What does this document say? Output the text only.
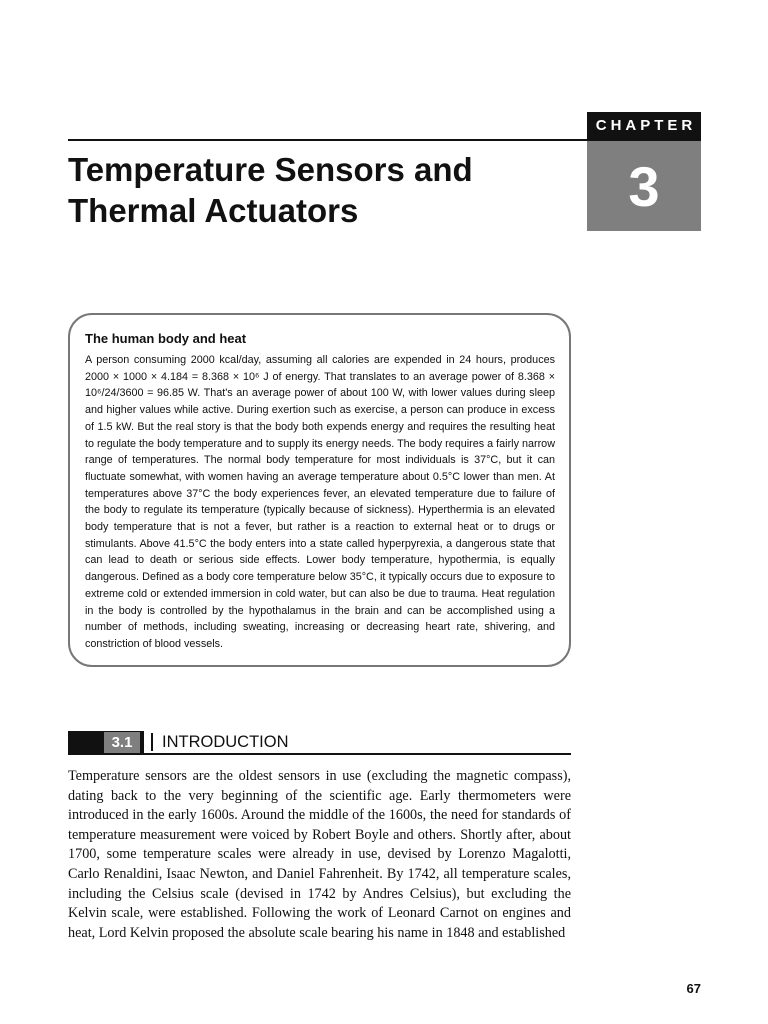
CHAPTER
3
Temperature Sensors and
Thermal Actuators
The human body and heat

A person consuming 2000 kcal/day, assuming all calories are expended in 24 hours, produces 2000 × 1000 × 4.184 = 8.368 × 10⁶ J of energy. That translates to an average power of 8.368 × 10⁶/24/3600 = 96.85 W. That's an average power of about 100 W, with lower values during sleep and higher values while active. During exertion such as exercise, a person can produce in excess of 1.5 kW. But the real story is that the body both expends energy and requires the resulting heat to regulate the body temperature and to supply its energy needs. The body requires a fairly narrow range of temperatures. The normal body temperature for most individuals is 37°C, but it can fluctuate somewhat, with women having an average temperature about 0.5°C lower than men. At temperatures above 37°C the body experiences fever, an elevated temperature due to failure of the body to regulate its temperature (typically because of sickness). Hyperthermia is an elevated body temperature that is not a fever, but rather is a reaction to external heat or to drugs or stimulants. Above 41.5°C the body enters into a state called hyperpyrexia, a dangerous state that can lead to death or serious side effects. Lower body temperature, hypothermia, is equally dangerous. Defined as a body core temperature below 35°C, it typically occurs due to exposure to extreme cold or extended immersion in cold water, but can also be due to trauma. Heat regulation in the body is controlled by the hypothalamus in the brain and can be accomplished using a number of methods, including sweating, increasing or decreasing heart rate, shivering, and constriction of blood vessels.

3.1	INTRODUCTION

Temperature sensors are the oldest sensors in use (excluding the magnetic compass), dating back to the very beginning of the scientific age. Early thermometers were introduced in the early 1600s. Around the middle of the 1600s, the need for standards of temperature measurement were voiced by Robert Boyle and others. Shortly after, about 1700, some temperature scales were already in use, devised by Lorenzo Magalotti, Carlo Renaldini, Isaac Newton, and Daniel Fahrenheit. By 1742, all temperature scales, including the Celsius scale (devised in 1742 by Andres Celsius), but excluding the Kelvin scale, were established. Following the work of Leonard Carnot on engines and heat, Lord Kelvin proposed the absolute scale bearing his name in 1848 and established

67
